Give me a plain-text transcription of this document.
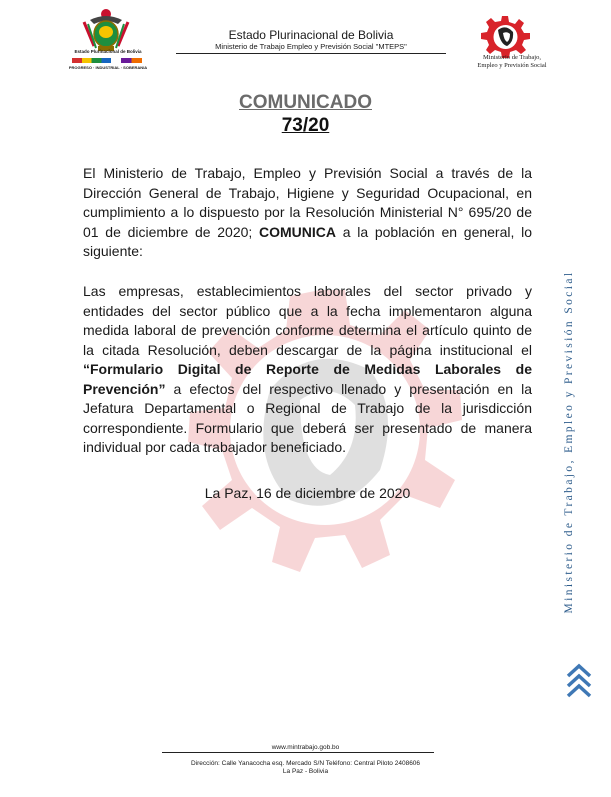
Estado Plurinacional de Bolivia
PROGRESO · INDUSTRIAL · SOBERANIA
Estado Plurinacional de Bolivia
Ministerio de Trabajo Empleo y Previsión Social "MTEPS"
Ministerio de Trabajo,
Empleo y Previsión Social
COMUNICADO
73/20
El Ministerio de Trabajo, Empleo y Previsión Social a través de la Dirección General de Trabajo, Higiene y Seguridad Ocupacional, en cumplimiento a lo dispuesto por la Resolución Ministerial N° 695/20 de 01 de diciembre de 2020; COMUNICA a la población en general, lo siguiente:
Las empresas, establecimientos laborales del sector privado y entidades del sector público que a la fecha implementaron alguna medida laboral de prevención conforme determina el artículo quinto de la citada Resolución, deben descargar de la página institucional el “Formulario Digital de Reporte de Medidas Laborales de Prevención” a efectos del respectivo llenado y presentación en la Jefatura Departamental o Regional de Trabajo de la jurisdicción correspondiente. Formulario que deberá ser presentado de manera individual por cada trabajador beneficiado.
La Paz, 16 de diciembre de 2020	Ministerio de Trabajo, Empleo y Previsión Social
www.mintrabajo.gob.bo
Dirección: Calle Yanacocha esq. Mercado S/N Teléfono: Central Piloto 2408606
La Paz - Bolivia
